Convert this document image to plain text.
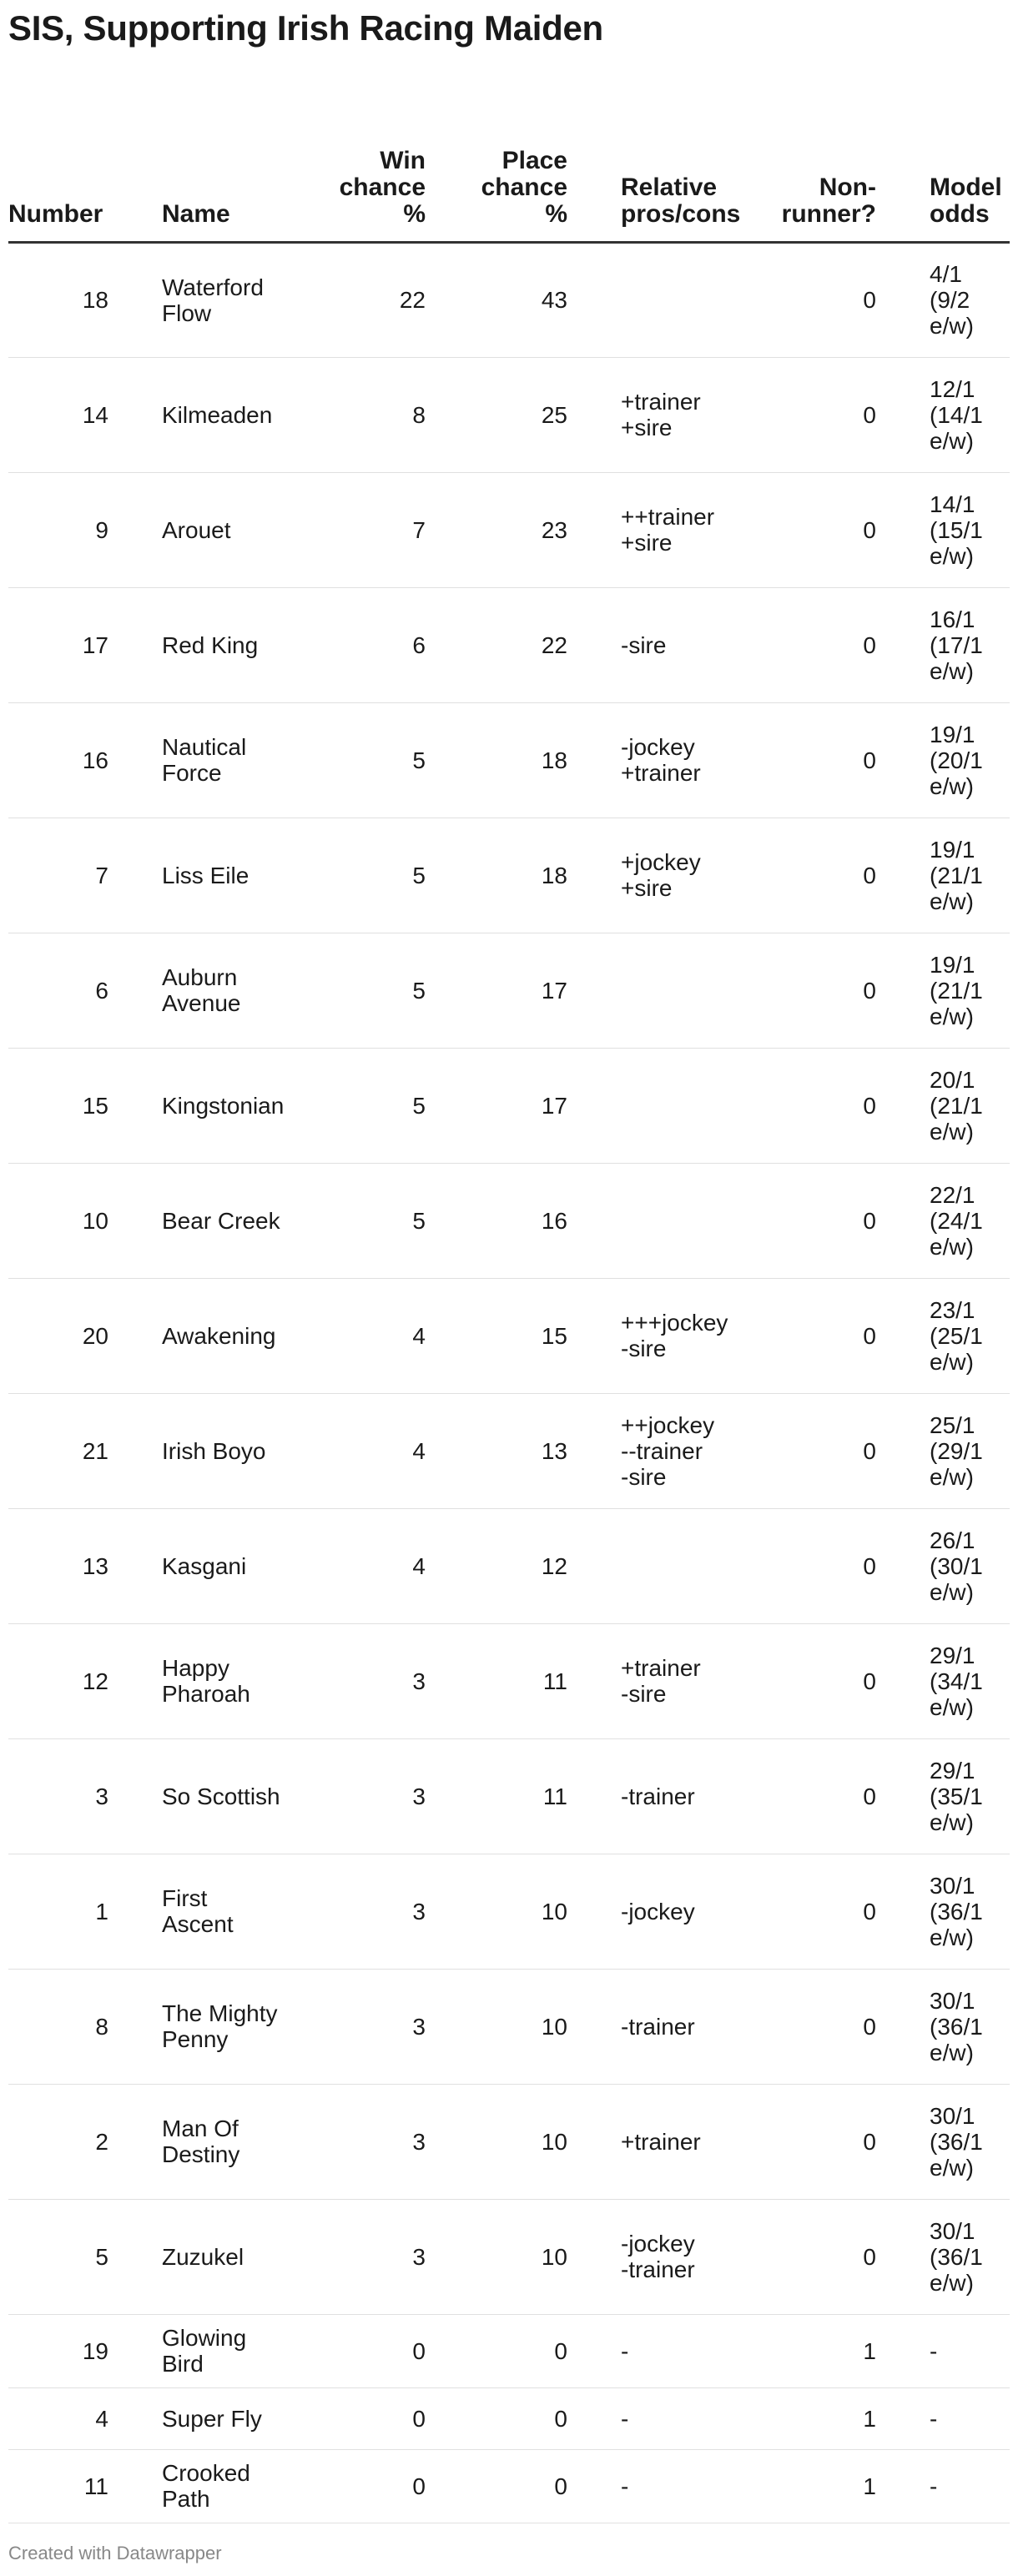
SIS, Supporting Irish Racing Maiden
Number	Name	Win
chance
%	Place
chance
%	Relative
pros/cons	Non-
runner?	Model
odds

18	Waterford
Flow	22	43		0	4/1
(9/2
e/w)

14	Kilmeaden	8	25	+trainer
+sire	0	12/1
(14/1
e/w)

9	Arouet	7	23	++trainer
+sire	0	14/1
(15/1
e/w)

17	Red King	6	22	-sire	0	16/1
(17/1
e/w)

16	Nautical
Force	5	18	-jockey
+trainer	0	19/1
(20/1
e/w)

7	Liss Eile	5	18	+jockey
+sire	0	19/1
(21/1
e/w)

6	Auburn
Avenue	5	17		0	19/1
(21/1
e/w)

15	Kingstonian	5	17		0	20/1
(21/1
e/w)

10	Bear Creek	5	16		0	22/1
(24/1
e/w)

20	Awakening	4	15	+++jockey
-sire	0	23/1
(25/1
e/w)

21	Irish Boyo	4	13	++jockey
--trainer
-sire	0	25/1
(29/1
e/w)

13	Kasgani	4	12		0	26/1
(30/1
e/w)

12	Happy
Pharoah	3	11	+trainer
-sire	0	29/1
(34/1
e/w)

3	So Scottish	3	11	-trainer	0	29/1
(35/1
e/w)

1	First
Ascent	3	10	-jockey	0	30/1
(36/1
e/w)

8	The Mighty
Penny	3	10	-trainer	0	30/1
(36/1
e/w)

2	Man Of
Destiny	3	10	+trainer	0	30/1
(36/1
e/w)

5	Zuzukel	3	10	-jockey
-trainer	0	30/1
(36/1
e/w)

19	Glowing
Bird	0	0	-	1	-

4	Super Fly	0	0	-	1	-

11	Crooked
Path	0	0	-	1	-
Created with Datawrapper
